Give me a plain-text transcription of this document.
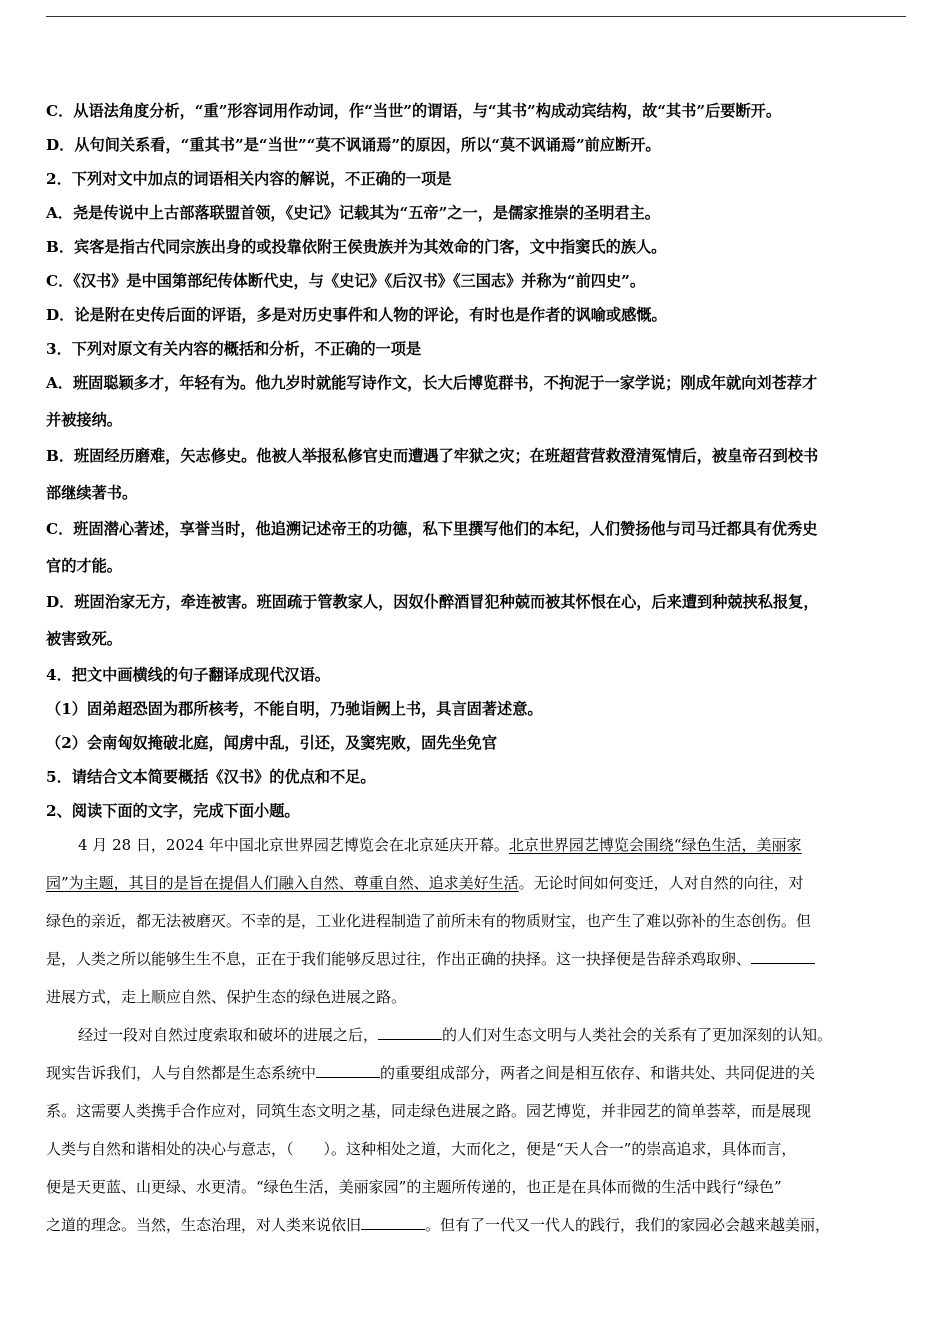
C．从语法角度分析，“重”形容词用作动词，作“当世”的谓语，与“其书”构成动宾结构，故“其书”后要断开。
D．从句间关系看，“重其书”是“当世”“莫不讽诵焉”的原因，所以“莫不讽诵焉”前应断开。
2．下列对文中加点的词语相关内容的解说，不正确的一项是
A．尧是传说中上古部落联盟首领，《史记》记载其为“五帝”之一，是儒家推崇的圣明君主。
B．宾客是指古代同宗族出身的或投靠依附王侯贵族并为其效命的门客，文中指窦氏的族人。
C．《汉书》是中国第部纪传体断代史，与《史记》《后汉书》《三国志》并称为“前四史”。
D．论是附在史传后面的评语，多是对历史事件和人物的评论，有时也是作者的讽喻或感慨。
3．下列对原文有关内容的概括和分析，不正确的一项是
A．班固聪颖多才，年轻有为。他九岁时就能写诗作文，长大后博览群书，不拘泥于一家学说；刚成年就向刘苍荐才
并被接纳。
B．班固经历磨难，矢志修史。他被人举报私修官史而遭遇了牢狱之灾；在班超营营救澄清冤情后，被皇帝召到校书
部继续著书。
C．班固潜心著述，享誉当时，他追溯记述帝王的功德，私下里撰写他们的本纪，人们赞扬他与司马迁都具有优秀史
官的才能。
D．班固治家无方，牵连被害。班固疏于管教家人，因奴仆醉酒冒犯种兢而被其怀恨在心，后来遭到种兢挟私报复，
被害致死。
4．把文中画横线的句子翻译成现代汉语。
（1）固弟超恐固为郡所核考，不能自明，乃驰诣阙上书，具言固著述意。
（2）会南匈奴掩破北庭，闻虏中乱，引还，及窦宪败，固先坐免官
5．请结合文本简要概括《汉书》的优点和不足。
2、阅读下面的文字，完成下面小题。
4 月 28 日，2024 年中国北京世界园艺博览会在北京延庆开幕。北京世界园艺博览会围绕“绿色生活，美丽家
园”为主题，其目的是旨在提倡人们融入自然、尊重自然、追求美好生活。无论时间如何变迁，人对自然的向往，对
绿色的亲近，都无法被磨灭。不幸的是，工业化进程制造了前所未有的物质财宝，也产生了难以弥补的生态创伤。但
是，人类之所以能够生生不息，正在于我们能够反思过往，作出正确的抉择。这一抉择便是告辞杀鸡取卵、
进展方式，走上顺应自然、保护生态的绿色进展之路。
经过一段对自然过度索取和破坏的进展之后，	的人们对生态文明与人类社会的关系有了更加深刻的认知。
现实告诉我们，人与自然都是生态系统中	的重要组成部分，两者之间是相互依存、和谐共处、共同促进的关
系。这需要人类携手合作应对，同筑生态文明之基，同走绿色进展之路。园艺博览，并非园艺的简单荟萃，而是展现
人类与自然和谐相处的决心与意志，（　　）。这种相处之道，大而化之，便是“天人合一”的崇高追求，具体而言，
便是天更蓝、山更绿、水更清。“绿色生活，美丽家园”的主题所传递的，也正是在具体而微的生活中践行“绿色”
之道的理念。当然，生态治理，对人类来说依旧	。但有了一代又一代人的践行，我们的家园必会越来越美丽，
